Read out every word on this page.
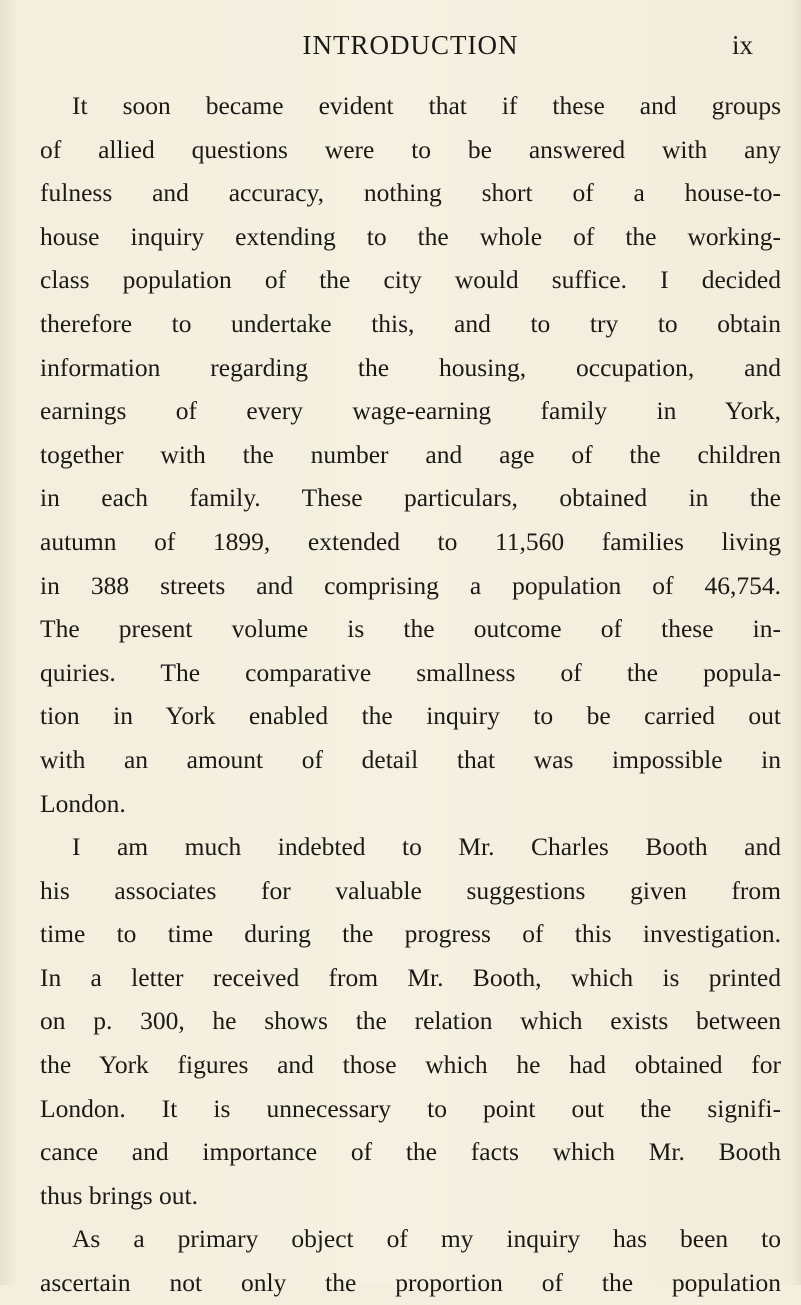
INTRODUCTION	ix
It soon became evident that if these and groups
of allied questions were to be answered with any
fulness and accuracy, nothing short of a house-to-
house inquiry extending to the whole of the working-
class population of the city would suffice. I decided
therefore to undertake this, and to try to obtain
information regarding the housing, occupation, and
earnings of every wage-earning family in York,
together with the number and age of the children
in each family. These particulars, obtained in the
autumn of 1899, extended to 11,560 families living
in 388 streets and comprising a population of 46,754.
The present volume is the outcome of these in-
quiries. The comparative smallness of the popula-
tion in York enabled the inquiry to be carried out
with an amount of detail that was impossible in
London.
I am much indebted to Mr. Charles Booth and
his associates for valuable suggestions given from
time to time during the progress of this investigation.
In a letter received from Mr. Booth, which is printed
on p. 300, he shows the relation which exists between
the York figures and those which he had obtained for
London. It is unnecessary to point out the signifi-
cance and importance of the facts which Mr. Booth
thus brings out.
As a primary object of my inquiry has been to
ascertain not only the proportion of the population
